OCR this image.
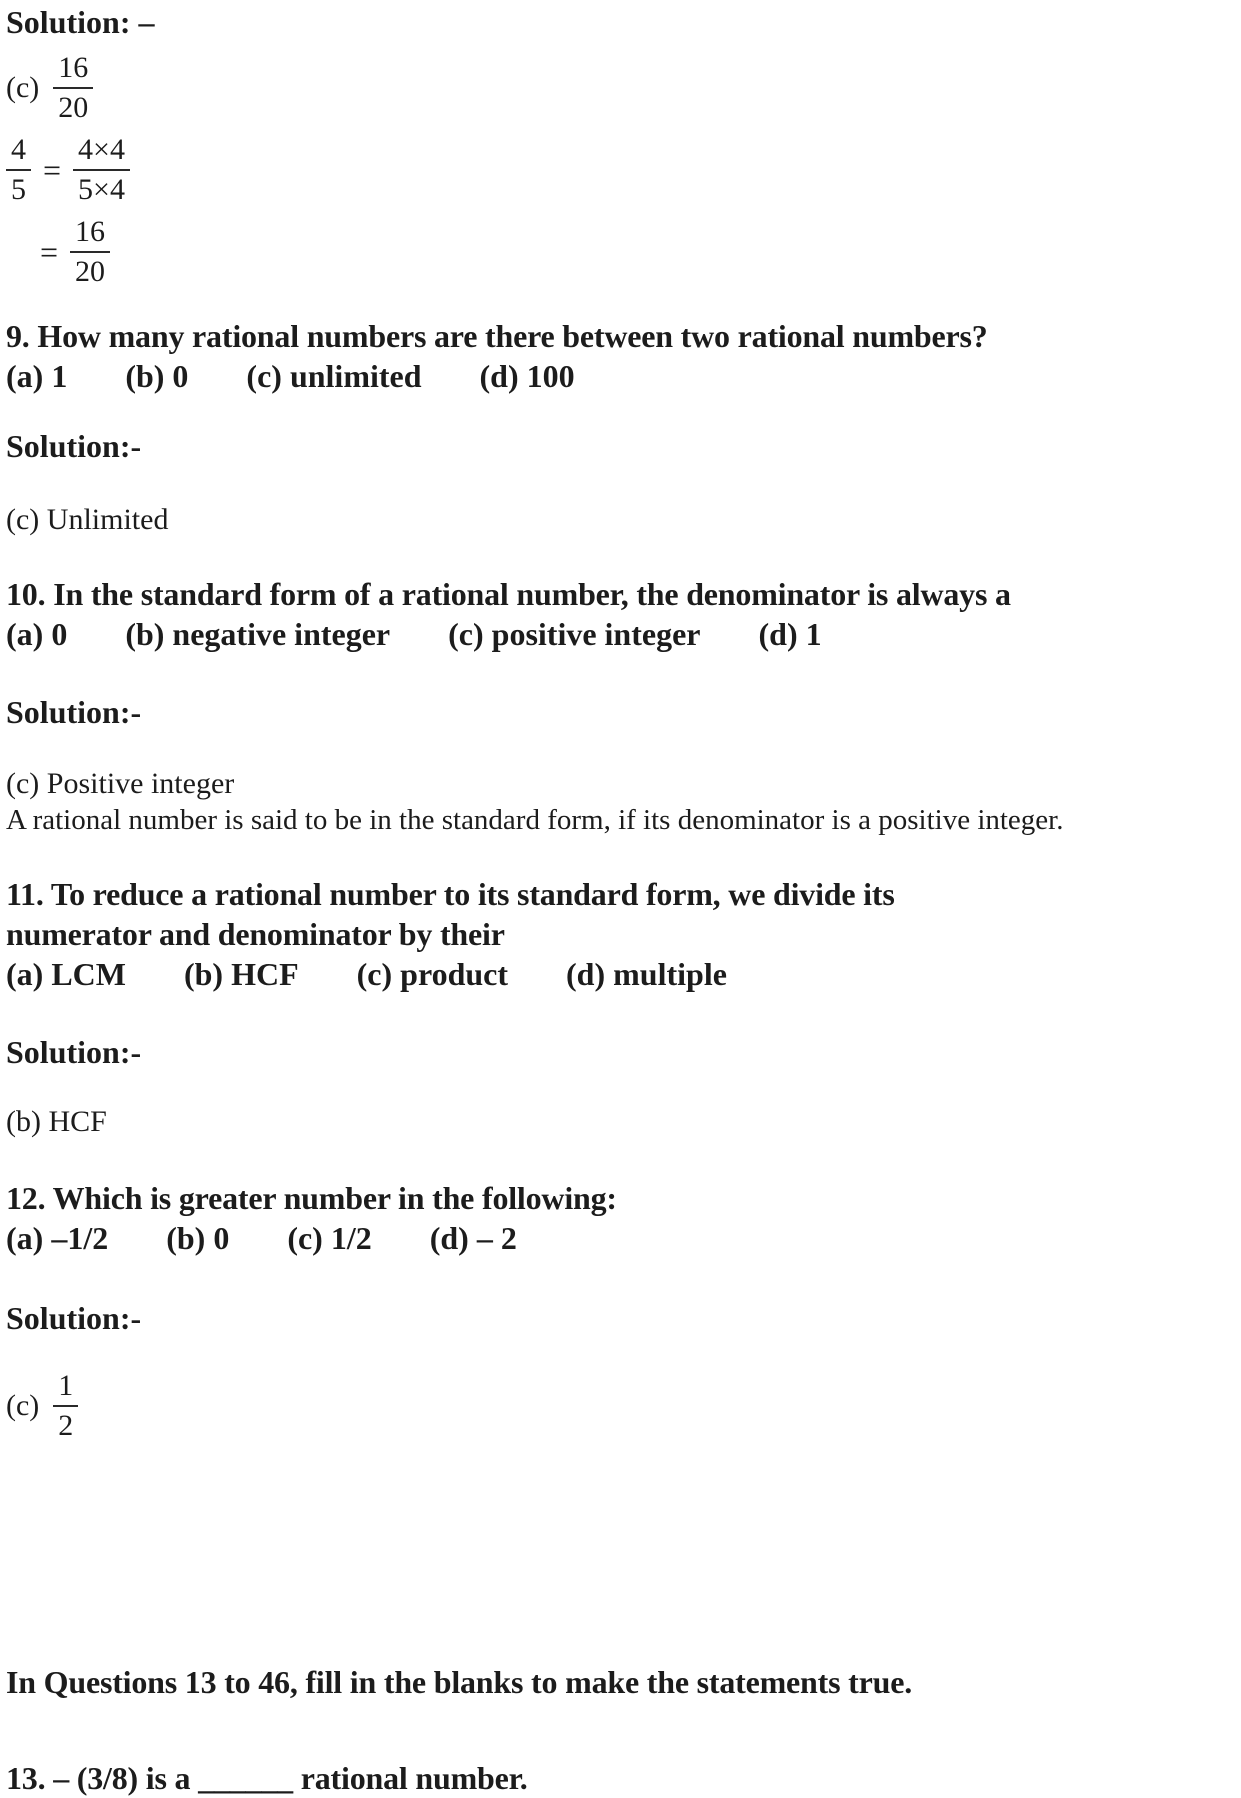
Solution: –
$(c) \frac{16}{20}$
$\frac{4}{5} = \frac{4\times 4}{5\times 4}$
= $\frac{16}{20}$
9. How many rational numbers are there between two rational numbers?
(a) 1 (b) 0 (c) unlimited (d) 100
Solution:-

(c) Unlimited

10. In the standard form of a rational number, the denominator is always a
(a) 0 (b) negative integer (c) positive integer (d) 1
Solution:-

(c) Positive integer

A rational number is said to be in the standard form, if its denominator is a positive integer.

11. To reduce a rational number to its standard form, we divide its numerator and denominator by their
(a) LCM (b) HCF (c) product (d) multiple
Solution:-

(b) HCF

12. Which is greater number in the following:
(a) –1/2 (b) 0 (c) 1/2 (d) – 2
Solution:-
$(c) \frac{1}{2}$
In Questions 13 to 46, fill in the blanks to make the statements true.
13. – (3/8) is a ______ rational number.
